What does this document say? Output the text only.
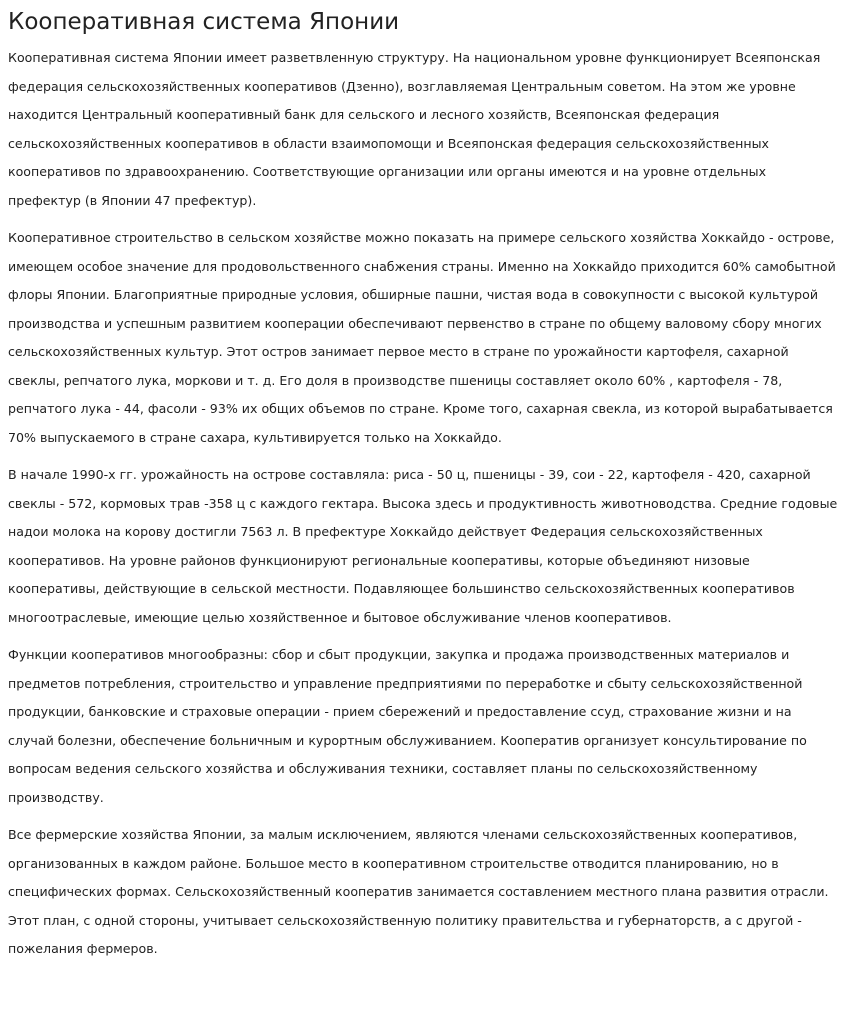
Кооперативная система Японии

Кооперативная система Японии имеет разветвленную структуру. На национальном уровне функционирует Всеяпонская федерация сельскохозяйственных кооперативов (Дзенно), возглавляемая Центральным советом. На этом же уровне находится Центральный кооперативный банк для сельского и лесного хозяйств, Всеяпонская федерация сельскохозяйственных кооперативов в области взаимопомощи и Всеяпонская федерация сельскохозяйственных кооперативов по здравоохранению. Соответствующие организации или органы имеются и на уровне отдельных префектур (в Японии 47 префектур).

Кооперативное строительство в сельском хозяйстве можно показать на примере сельского хозяйства Хоккайдо - острове, имеющем особое значение для продовольственного снабжения страны. Именно на Хоккайдо приходится 60% самобытной флоры Японии. Благоприятные природные условия, обширные пашни, чистая вода в совокупности с высокой культурой производства и успешным развитием кооперации обеспечивают первенство в стране по общему валовому сбору многих сельскохозяйственных культур. Этот остров занимает первое место в стране по урожайности картофеля, сахарной свеклы, репчатого лука, моркови и т. д. Его доля в производстве пшеницы составляет около 60% , картофеля - 78, репчатого лука - 44, фасоли - 93% их общих объемов по стране. Кроме того, сахарная свекла, из которой вырабатывается 70% выпускаемого в стране сахара, культивируется только на Хоккайдо.

В начале 1990-х гг. урожайность на острове составляла: риса - 50 ц, пшеницы - 39, сои - 22, картофеля - 420, сахарной свеклы - 572, кормовых трав -358 ц с каждого гектара. Высока здесь и продуктивность животноводства. Средние годовые надои молока на корову достигли 7563 л. В префектуре Хоккайдо действует Федерация сельскохозяйственных кооперативов. На уровне районов функционируют региональные кооперативы, которые объединяют низовые кооперативы, действующие в сельской местности. Подавляющее большинство сельскохозяйственных кооперативов многоотраслевые, имеющие целью хозяйственное и бытовое обслуживание членов кооперативов.

Функции кооперативов многообразны: сбор и сбыт продукции, закупка и продажа производственных материалов и предметов потребления, строительство и управление предприятиями по переработке и сбыту сельскохозяйственной продукции, банковские и страховые операции - прием сбережений и предоставление ссуд, страхование жизни и на случай болезни, обеспечение больничным и курортным обслуживанием. Кооператив организует консультирование по вопросам ведения сельского хозяйства и обслуживания техники, составляет планы по сельскохозяйственному производству.

Все фермерские хозяйства Японии, за малым исключением, являются членами сельскохозяйственных кооперативов, организованных в каждом районе. Большое место в кооперативном строительстве отводится планированию, но в специфических формах. Сельскохозяйственный кооператив занимается составлением местного плана развития отрасли. Этот план, с одной стороны, учитывает сельскохозяйственную политику правительства и губернаторств, а с другой - пожелания фермеров.
